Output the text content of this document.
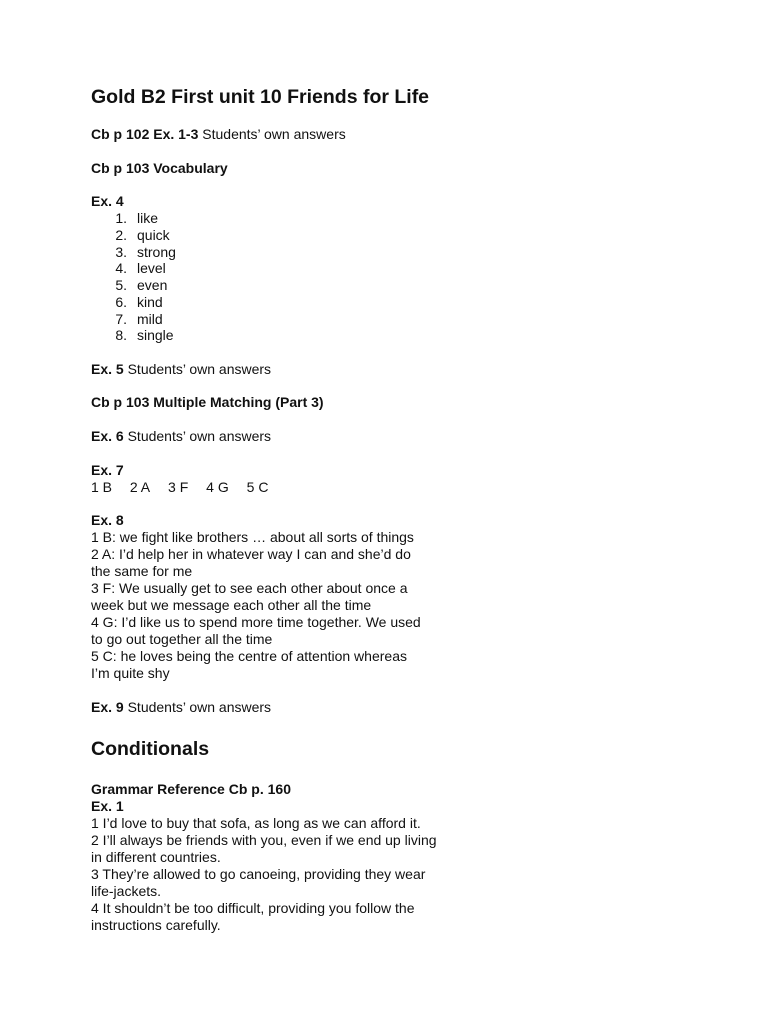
Gold B2 First unit 10 Friends for Life
Cb p 102 Ex. 1-3 Students’ own answers
Cb p 103 Vocabulary
Ex. 4
1. like
2. quick
3. strong
4. level
5. even
6. kind
7. mild
8. single
Ex. 5 Students’ own answers
Cb p 103 Multiple Matching (Part 3)
Ex. 6 Students’ own answers
Ex. 7
1 B 2 A 3 F 4 G 5 C
Ex. 8
1 B: we fight like brothers … about all sorts of things
2 A: I’d help her in whatever way I can and she’d do
the same for me
3 F: We usually get to see each other about once a
week but we message each other all the time
4 G: I’d like us to spend more time together. We used
to go out together all the time
5 C: he loves being the centre of attention whereas
I’m quite shy
Ex. 9 Students’ own answers
Conditionals
Grammar Reference Cb p. 160
Ex. 1
1 I’d love to buy that sofa, as long as we can afford it.
2 I’ll always be friends with you, even if we end up living
in different countries.
3 They’re allowed to go canoeing, providing they wear
life-jackets.
4 It shouldn’t be too difficult, providing you follow the
instructions carefully.
